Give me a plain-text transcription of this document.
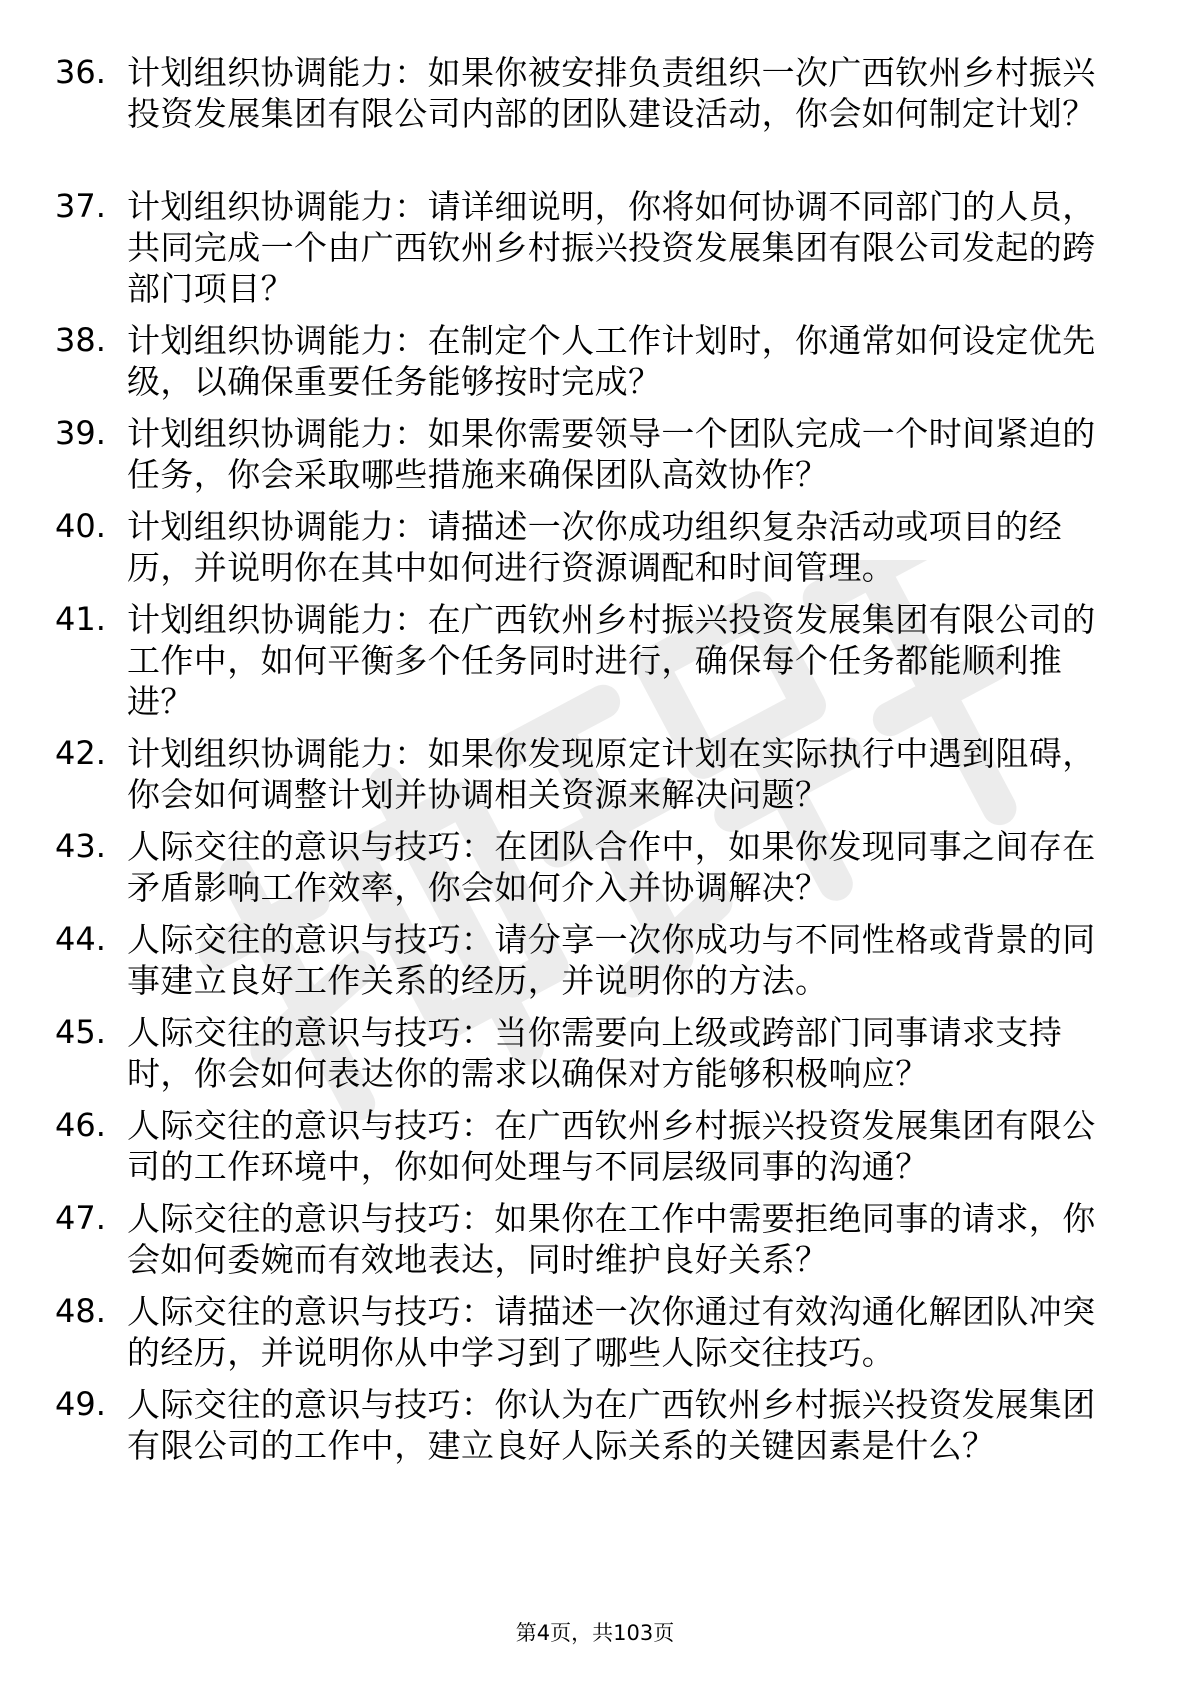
36. 计划组织协调能力：如果你被安排负责组织一次广西钦州乡村振兴投资发展集团有限公司内部的团队建设活动，你会如何制定计划？
37. 计划组织协调能力：请详细说明，你将如何协调不同部门的人员，共同完成一个由广西钦州乡村振兴投资发展集团有限公司发起的跨部门项目？
38. 计划组织协调能力：在制定个人工作计划时，你通常如何设定优先级，以确保重要任务能够按时完成？
39. 计划组织协调能力：如果你需要领导一个团队完成一个时间紧迫的任务，你会采取哪些措施来确保团队高效协作？
40. 计划组织协调能力：请描述一次你成功组织复杂活动或项目的经历，并说明你在其中如何进行资源调配和时间管理。
41. 计划组织协调能力：在广西钦州乡村振兴投资发展集团有限公司的工作中，如何平衡多个任务同时进行，确保每个任务都能顺利推进？
42. 计划组织协调能力：如果你发现原定计划在实际执行中遇到阻碍，你会如何调整计划并协调相关资源来解决问题？
43. 人际交往的意识与技巧：在团队合作中，如果你发现同事之间存在矛盾影响工作效率，你会如何介入并协调解决？
44. 人际交往的意识与技巧：请分享一次你成功与不同性格或背景的同事建立良好工作关系的经历，并说明你的方法。
45. 人际交往的意识与技巧：当你需要向上级或跨部门同事请求支持时，你会如何表达你的需求以确保对方能够积极响应？
46. 人际交往的意识与技巧：在广西钦州乡村振兴投资发展集团有限公司的工作环境中，你如何处理与不同层级同事的沟通？
47. 人际交往的意识与技巧：如果你在工作中需要拒绝同事的请求，你会如何委婉而有效地表达，同时维护良好关系？
48. 人际交往的意识与技巧：请描述一次你通过有效沟通化解团队冲突的经历，并说明你从中学习到了哪些人际交往技巧。
49. 人际交往的意识与技巧：你认为在广西钦州乡村振兴投资发展集团有限公司的工作中，建立良好人际关系的关键因素是什么？
第4页，共103页
